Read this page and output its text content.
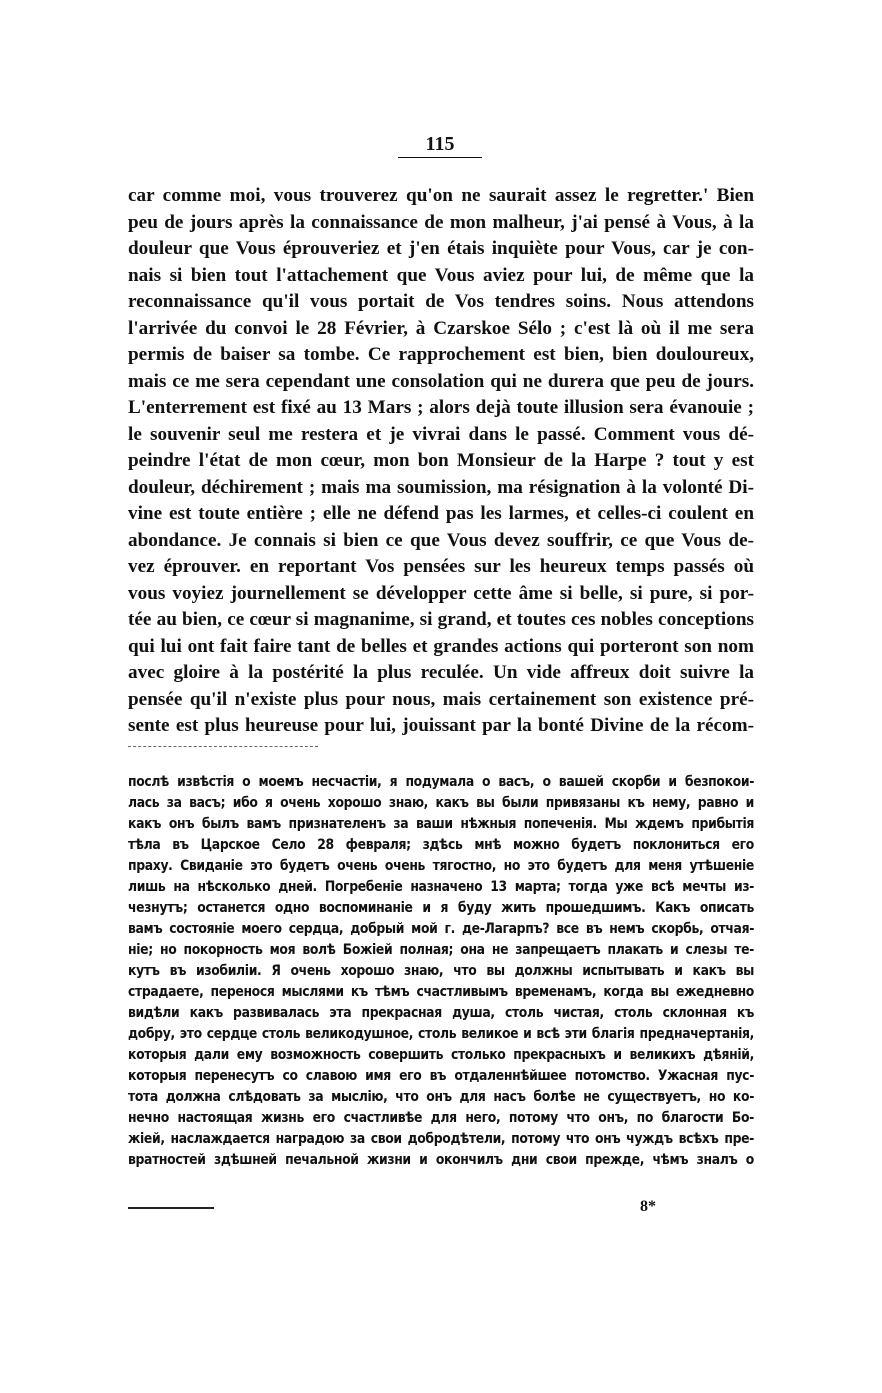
115
car comme moi, vous trouverez qu'on ne saurait assez le regretter.' Bien
peu de jours après la connaissance de mon malheur, j'ai pensé à Vous, à la
douleur que Vous éprouveriez et j'en étais inquiète pour Vous, car je con-
nais si bien tout l'attachement que Vous aviez pour lui, de même que la
reconnaissance qu'il vous portait de Vos tendres soins. Nous attendons
l'arrivée du convoi le 28 Février, à Czarskoe Sélo ; c'est là où il me sera
permis de baiser sa tombe. Ce rapprochement est bien, bien douloureux,
mais ce me sera cependant une consolation qui ne durera que peu de jours.
L'enterrement est fixé au 13 Mars ; alors dejà toute illusion sera évanouie ;
le souvenir seul me restera et je vivrai dans le passé. Comment vous dé-
peindre l'état de mon cœur, mon bon Monsieur de la Harpe ? tout y est
douleur, déchirement ; mais ma soumission, ma résignation à la volonté Di-
vine est toute entière ; elle ne défend pas les larmes, et celles-ci coulent en
abondance. Je connais si bien ce que Vous devez souffrir, ce que Vous de-
vez éprouver. en reportant Vos pensées sur les heureux temps passés où
vous voyiez journellement se développer cette âme si belle, si pure, si por-
tée au bien, ce cœur si magnanime, si grand, et toutes ces nobles conceptions
qui lui ont fait faire tant de belles et grandes actions qui porteront son nom
avec gloire à la postérité la plus reculée. Un vide affreux doit suivre la
pensée qu'il n'existe plus pour nous, mais certainement son existence pré-
sente est plus heureuse pour lui, jouissant par la bonté Divine de la récom-
послѣ извѣстія о моемъ несчастіи, я подумала о васъ, о вашей скорби и безпокои-
лась за васъ; ибо я очень хорошо знаю, какъ вы были привязаны къ нему, равно и
какъ онъ былъ вамъ признателенъ за ваши нѣжныя попеченія. Мы ждемъ прибытія
тѣла въ Царское Село 28 февраля; здѣсь мнѣ можно будетъ поклониться его
праху. Свиданіе это будетъ очень очень тягостно, но это будетъ для меня утѣшеніе
лишь на нѣсколько дней. Погребеніе назначено 13 марта; тогда уже всѣ мечты из-
чезнутъ; останется одно воспоминаніе и я буду жить прошедшимъ. Какъ описать
вамъ состояніе моего сердца, добрый мой г. де-Лагарпъ? все въ немъ скорбь, отчая-
ніе; но покорность моя волѣ Божіей полная; она не запрещаетъ плакать и слезы те-
кутъ въ изобиліи. Я очень хорошо знаю, что вы должны испытывать и какъ вы
страдаете, перенося мыслями къ тѣмъ счастливымъ временамъ, когда вы ежедневно
видѣли какъ развивалась эта прекрасная душа, столь чистая, столь склонная къ
добру, это сердце столь великодушное, столь великое и всѣ эти благія предначертанія,
которыя дали ему возможность совершить столько прекрасныхъ и великихъ дѣяній,
которыя перенесутъ со славою имя его въ отдаленнѣйшее потомство. Ужасная пус-
тота должна слѣдовать за мыслію, что онъ для насъ болѣе не существуетъ, но ко-
нечно настоящая жизнь его счастливѣе для него, потому что онъ, по благости Бо-
жіей, наслаждается наградою за свои добродѣтели, потому что онъ чуждъ всѣхъ пре-
вратностей здѣшней печальной жизни и окончилъ дни свои прежде, чѣмъ зналъ о
8*
